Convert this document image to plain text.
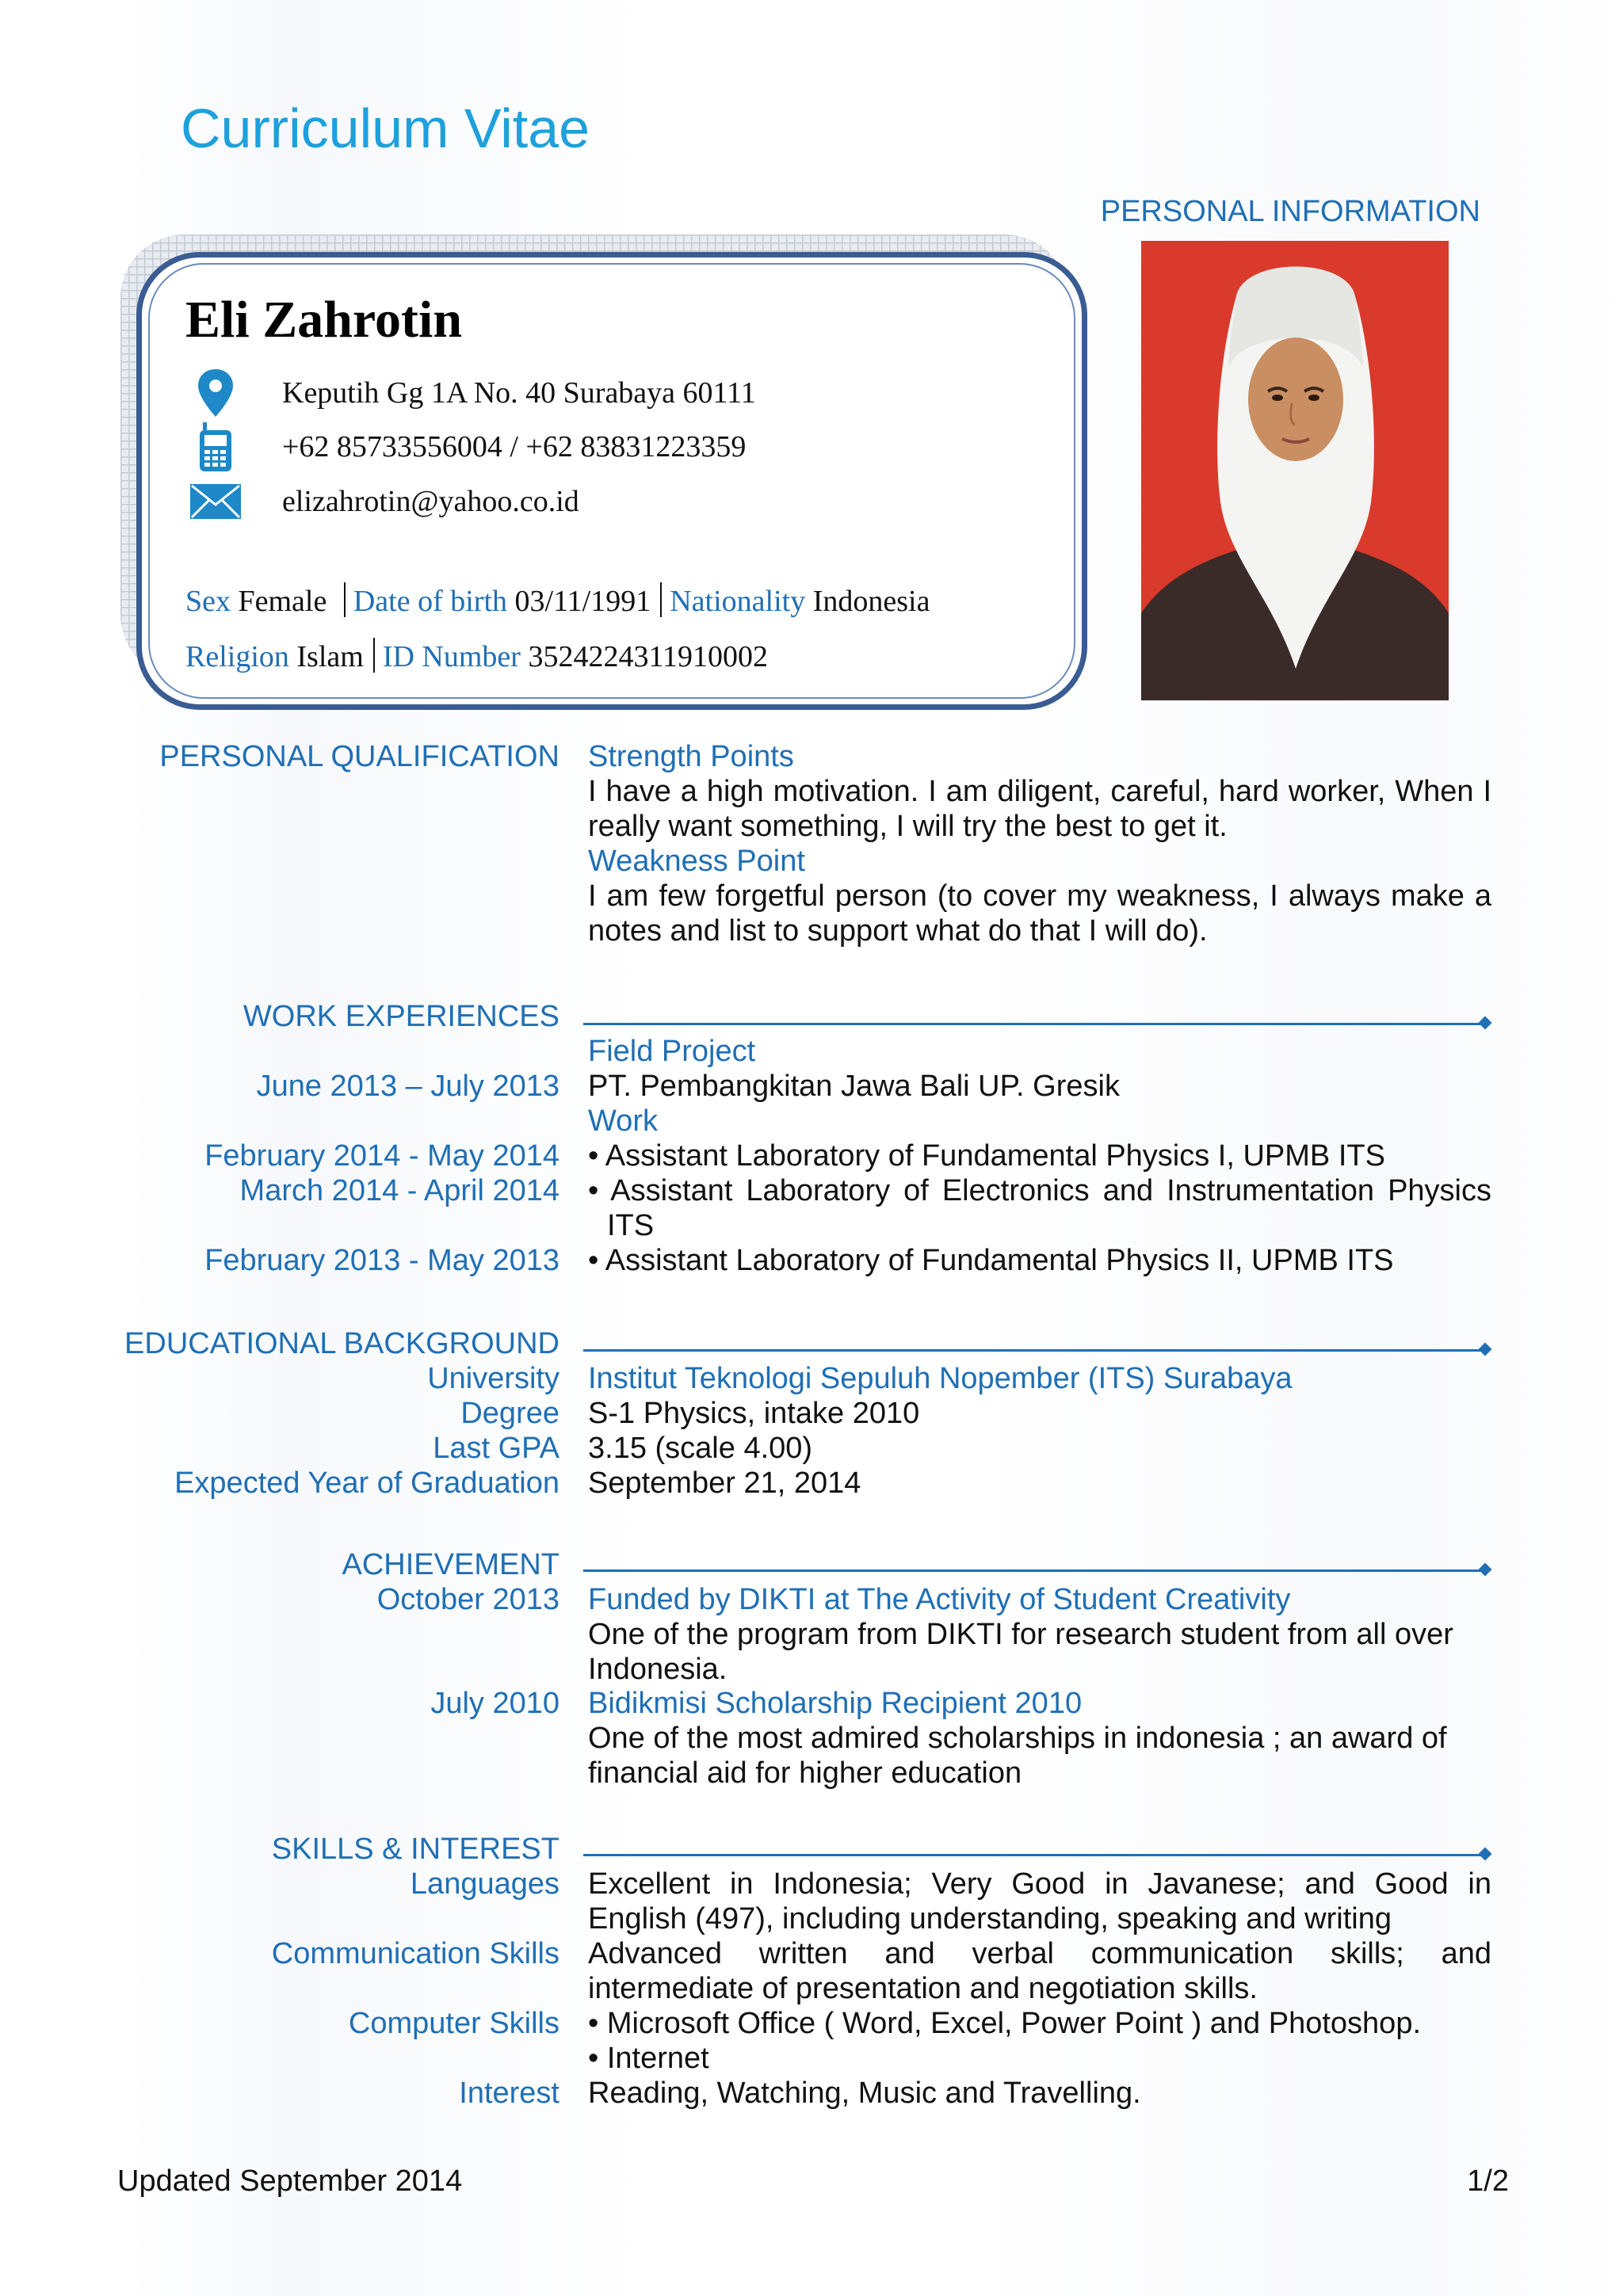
Curriculum Vitae
PERSONAL INFORMATION
Eli Zahrotin
Keputih Gg 1A No. 40 Surabaya 60111
+62 85733556004 / +62 83831223359
elizahrotin@yahoo.co.id
Sex Female Date of birth 03/11/1991 Nationality Indonesia
Religion Islam ID Number 3524224311910002
PERSONAL QUALIFICATION Strength Points
I have a high motivation. I am diligent, careful, hard worker, When I really want something, I will try the best to get it.
Weakness Point
I am few forgetful person (to cover my weakness, I always make a notes and list to support what do that I will do).
WORK EXPERIENCES
Field Project
June 2013 – July 2013 PT. Pembangkitan Jawa Bali UP. Gresik
Work
February 2014 - May 2014 • Assistant Laboratory of Fundamental Physics I, UPMB ITS
March 2014 - April 2014 • Assistant Laboratory of Electronics and Instrumentation Physics
ITS
February 2013 - May 2013 • Assistant Laboratory of Fundamental Physics II, UPMB ITS
EDUCATIONAL BACKGROUND
University Institut Teknologi Sepuluh Nopember (ITS) Surabaya
Degree S-1 Physics, intake 2010
Last GPA 3.15 (scale 4.00)
Expected Year of Graduation September 21, 2014
ACHIEVEMENT
October 2013 Funded by DIKTI at The Activity of Student Creativity
One of the program from DIKTI for research student from all over Indonesia.
July 2010 Bidikmisi Scholarship Recipient 2010
One of the most admired scholarships in indonesia ; an award of financial aid for higher education
SKILLS & INTEREST
Languages Excellent in Indonesia; Very Good in Javanese; and Good in
English (497), including understanding, speaking and writing
Communication Skills Advanced written and verbal communication skills; and intermediate of presentation and negotiation skills.
Computer Skills • Microsoft Office ( Word, Excel, Power Point ) and Photoshop.
• Internet
Interest Reading, Watching, Music and Travelling.
Updated September 2014	1/2
